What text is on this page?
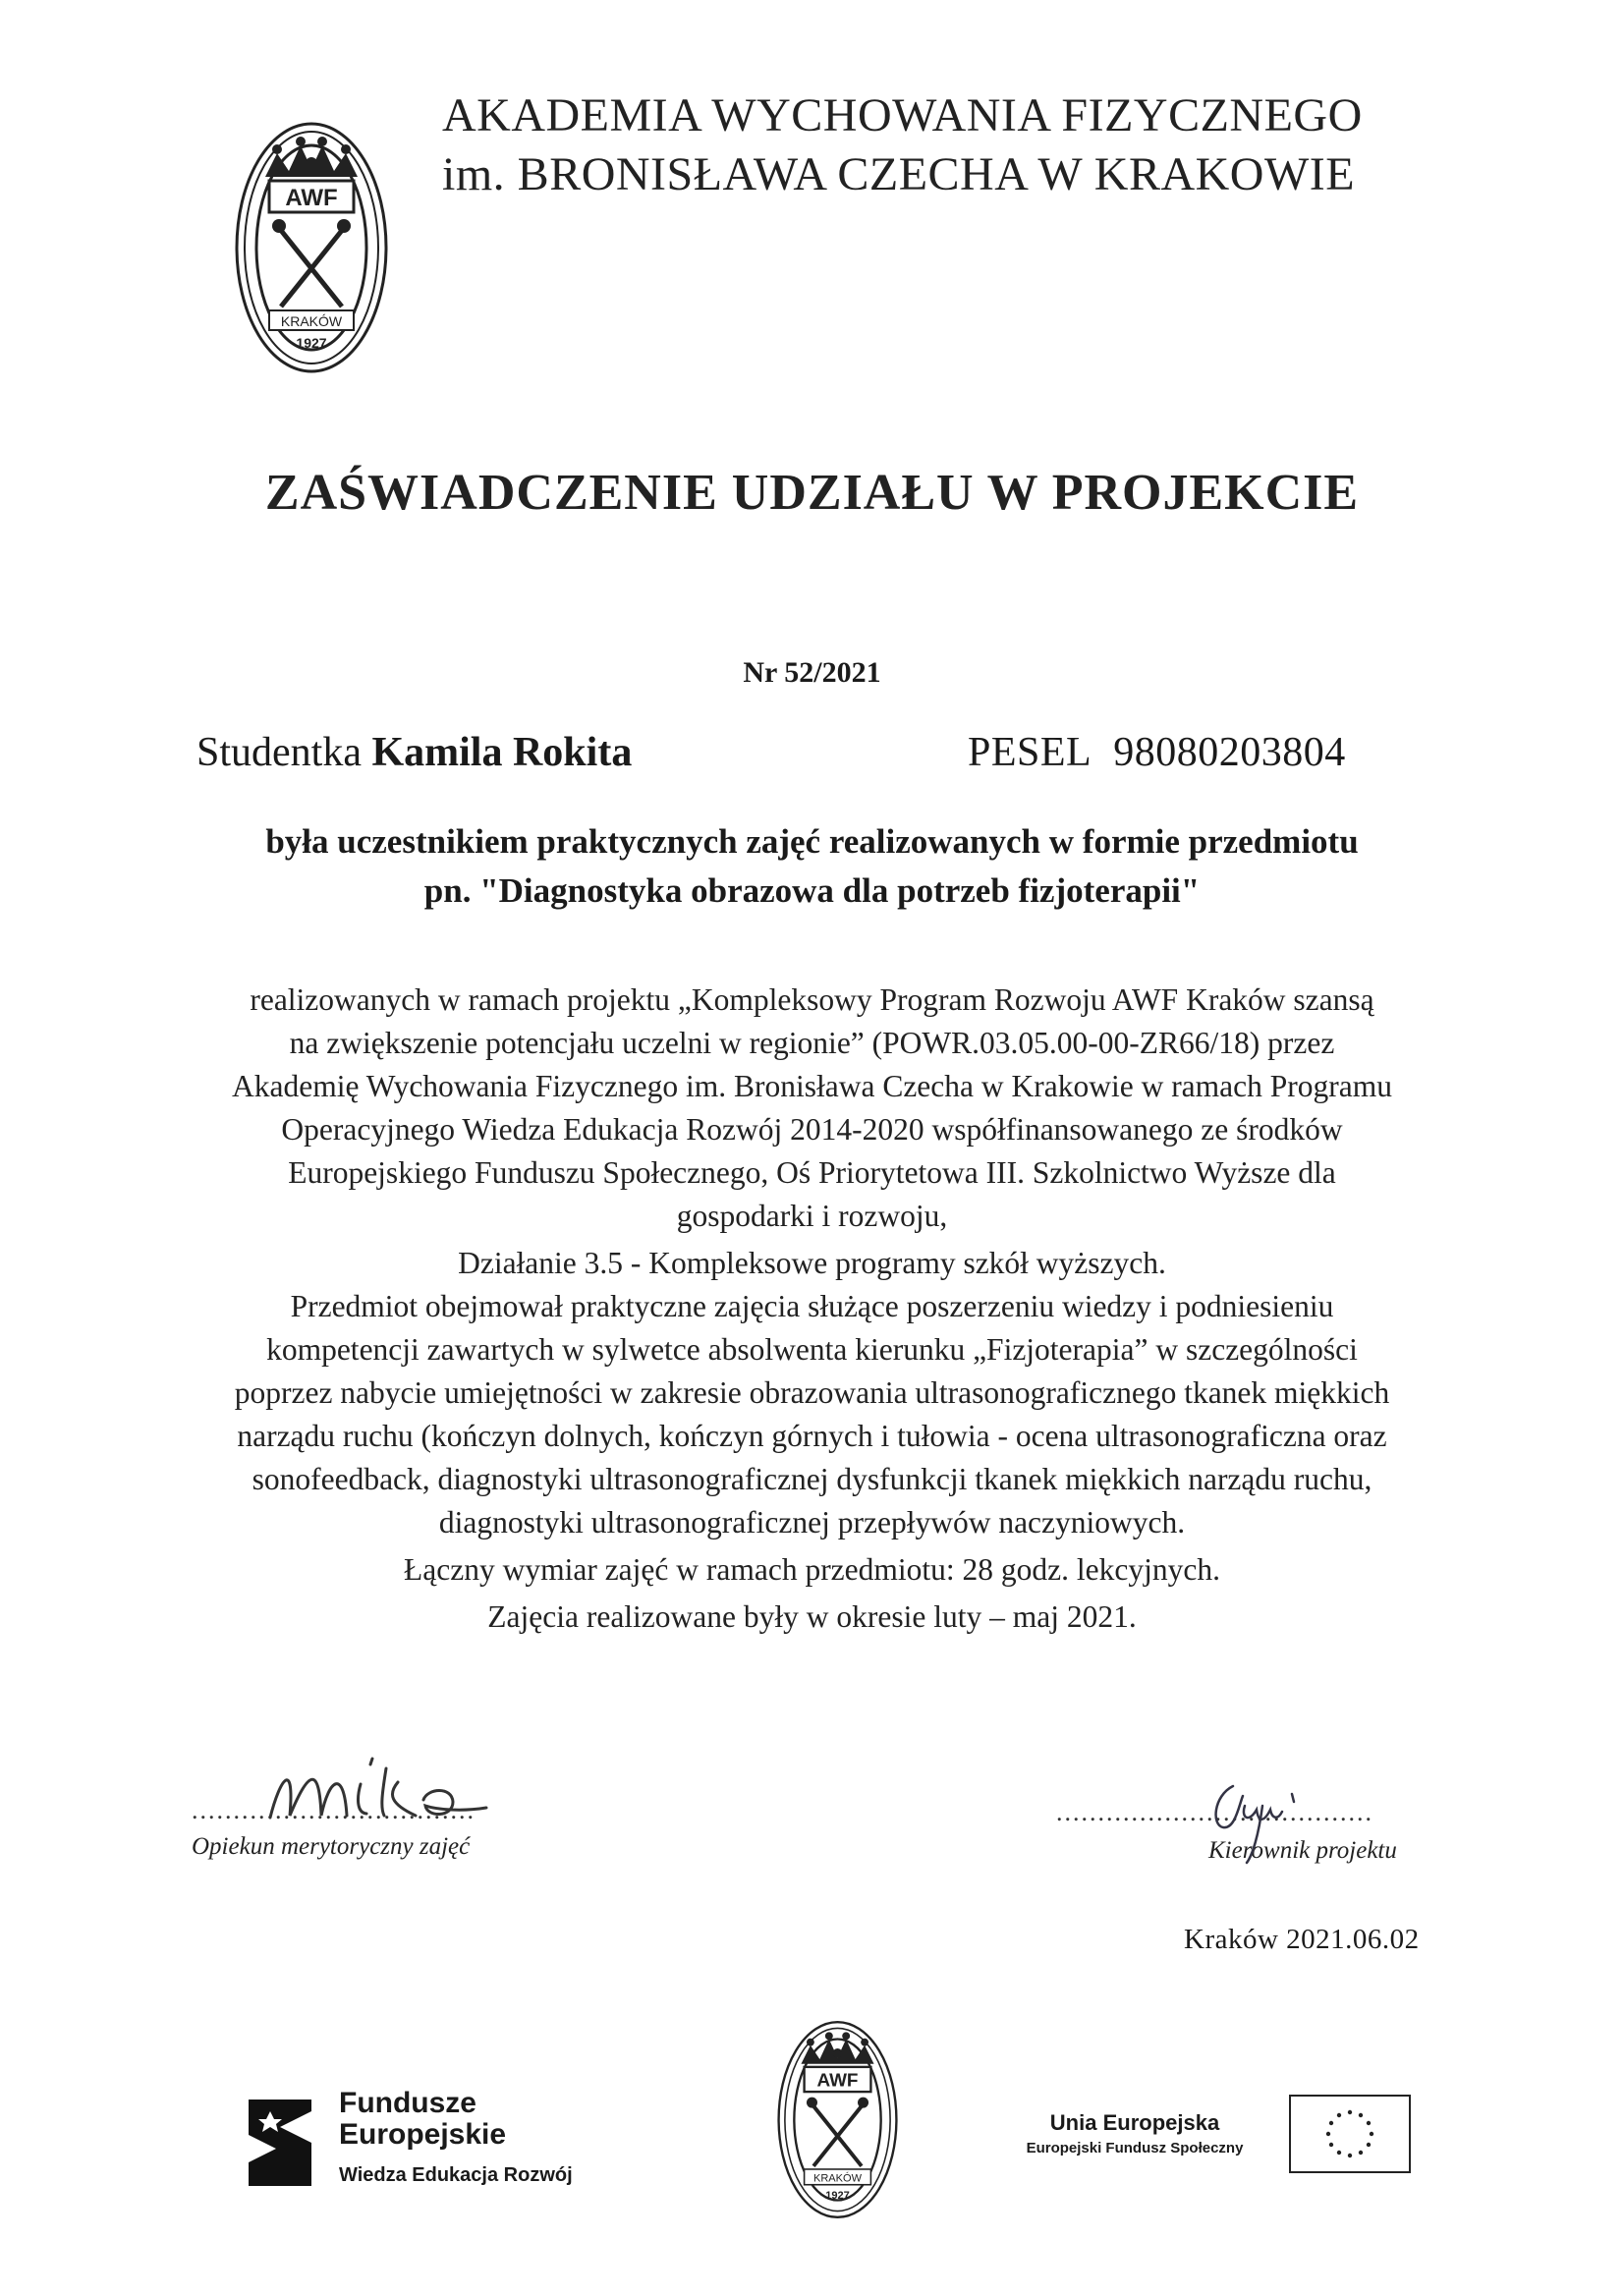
AWF
KRAKÓW
1927
AKADEMIA WYCHOWANIA FIZYCZNEGO
im. BRONISŁAWA CZECHA W KRAKOWIE
ZAŚWIADCZENIE UDZIAŁU W PROJEKCIE
Nr 52/2021
Studentka Kamila Rokita	PESEL 98080203804
była uczestnikiem praktycznych zajęć realizowanych w formie przedmiotu
pn. "Diagnostyka obrazowa dla potrzeb fizjoterapii"

realizowanych w ramach projektu „Kompleksowy Program Rozwoju AWF Kraków szansą

na zwiększenie potencjału uczelni w regionie” (POWR.03.05.00-00-ZR66/18) przez

Akademię Wychowania Fizycznego im. Bronisława Czecha w Krakowie w ramach Programu

Operacyjnego Wiedza Edukacja Rozwój 2014-2020 współfinansowanego ze środków

Europejskiego Funduszu Społecznego, Oś Priorytetowa III. Szkolnictwo Wyższe dla

gospodarki i rozwoju,

Działanie 3.5 - Kompleksowe programy szkół wyższych.

Przedmiot obejmował praktyczne zajęcia służące poszerzeniu wiedzy i podniesieniu

kompetencji zawartych w sylwetce absolwenta kierunku „Fizjoterapia” w szczególności

poprzez nabycie umiejętności w zakresie obrazowania ultrasonograficznego tkanek miękkich

narządu ruchu (kończyn dolnych, kończyn górnych i tułowia - ocena ultrasonograficzna oraz

sonofeedback, diagnostyki ultrasonograficznej dysfunkcji tkanek miękkich narządu ruchu,

diagnostyki ultrasonograficznej przepływów naczyniowych.

Łączny wymiar zajęć w ramach przedmiotu: 28 godz. lekcyjnych.

Zajęcia realizowane były w okresie luty – maj 2021.

..................................
Opiekun merytoryczny zajęć
......................................
Kierownik projektu
Kraków 2021.06.02
Fundusze
Europejskie
Wiedza Edukacja Rozwój
AWF
KRAKÓW
1927
Unia Europejska
Europejski Fundusz Społeczny
